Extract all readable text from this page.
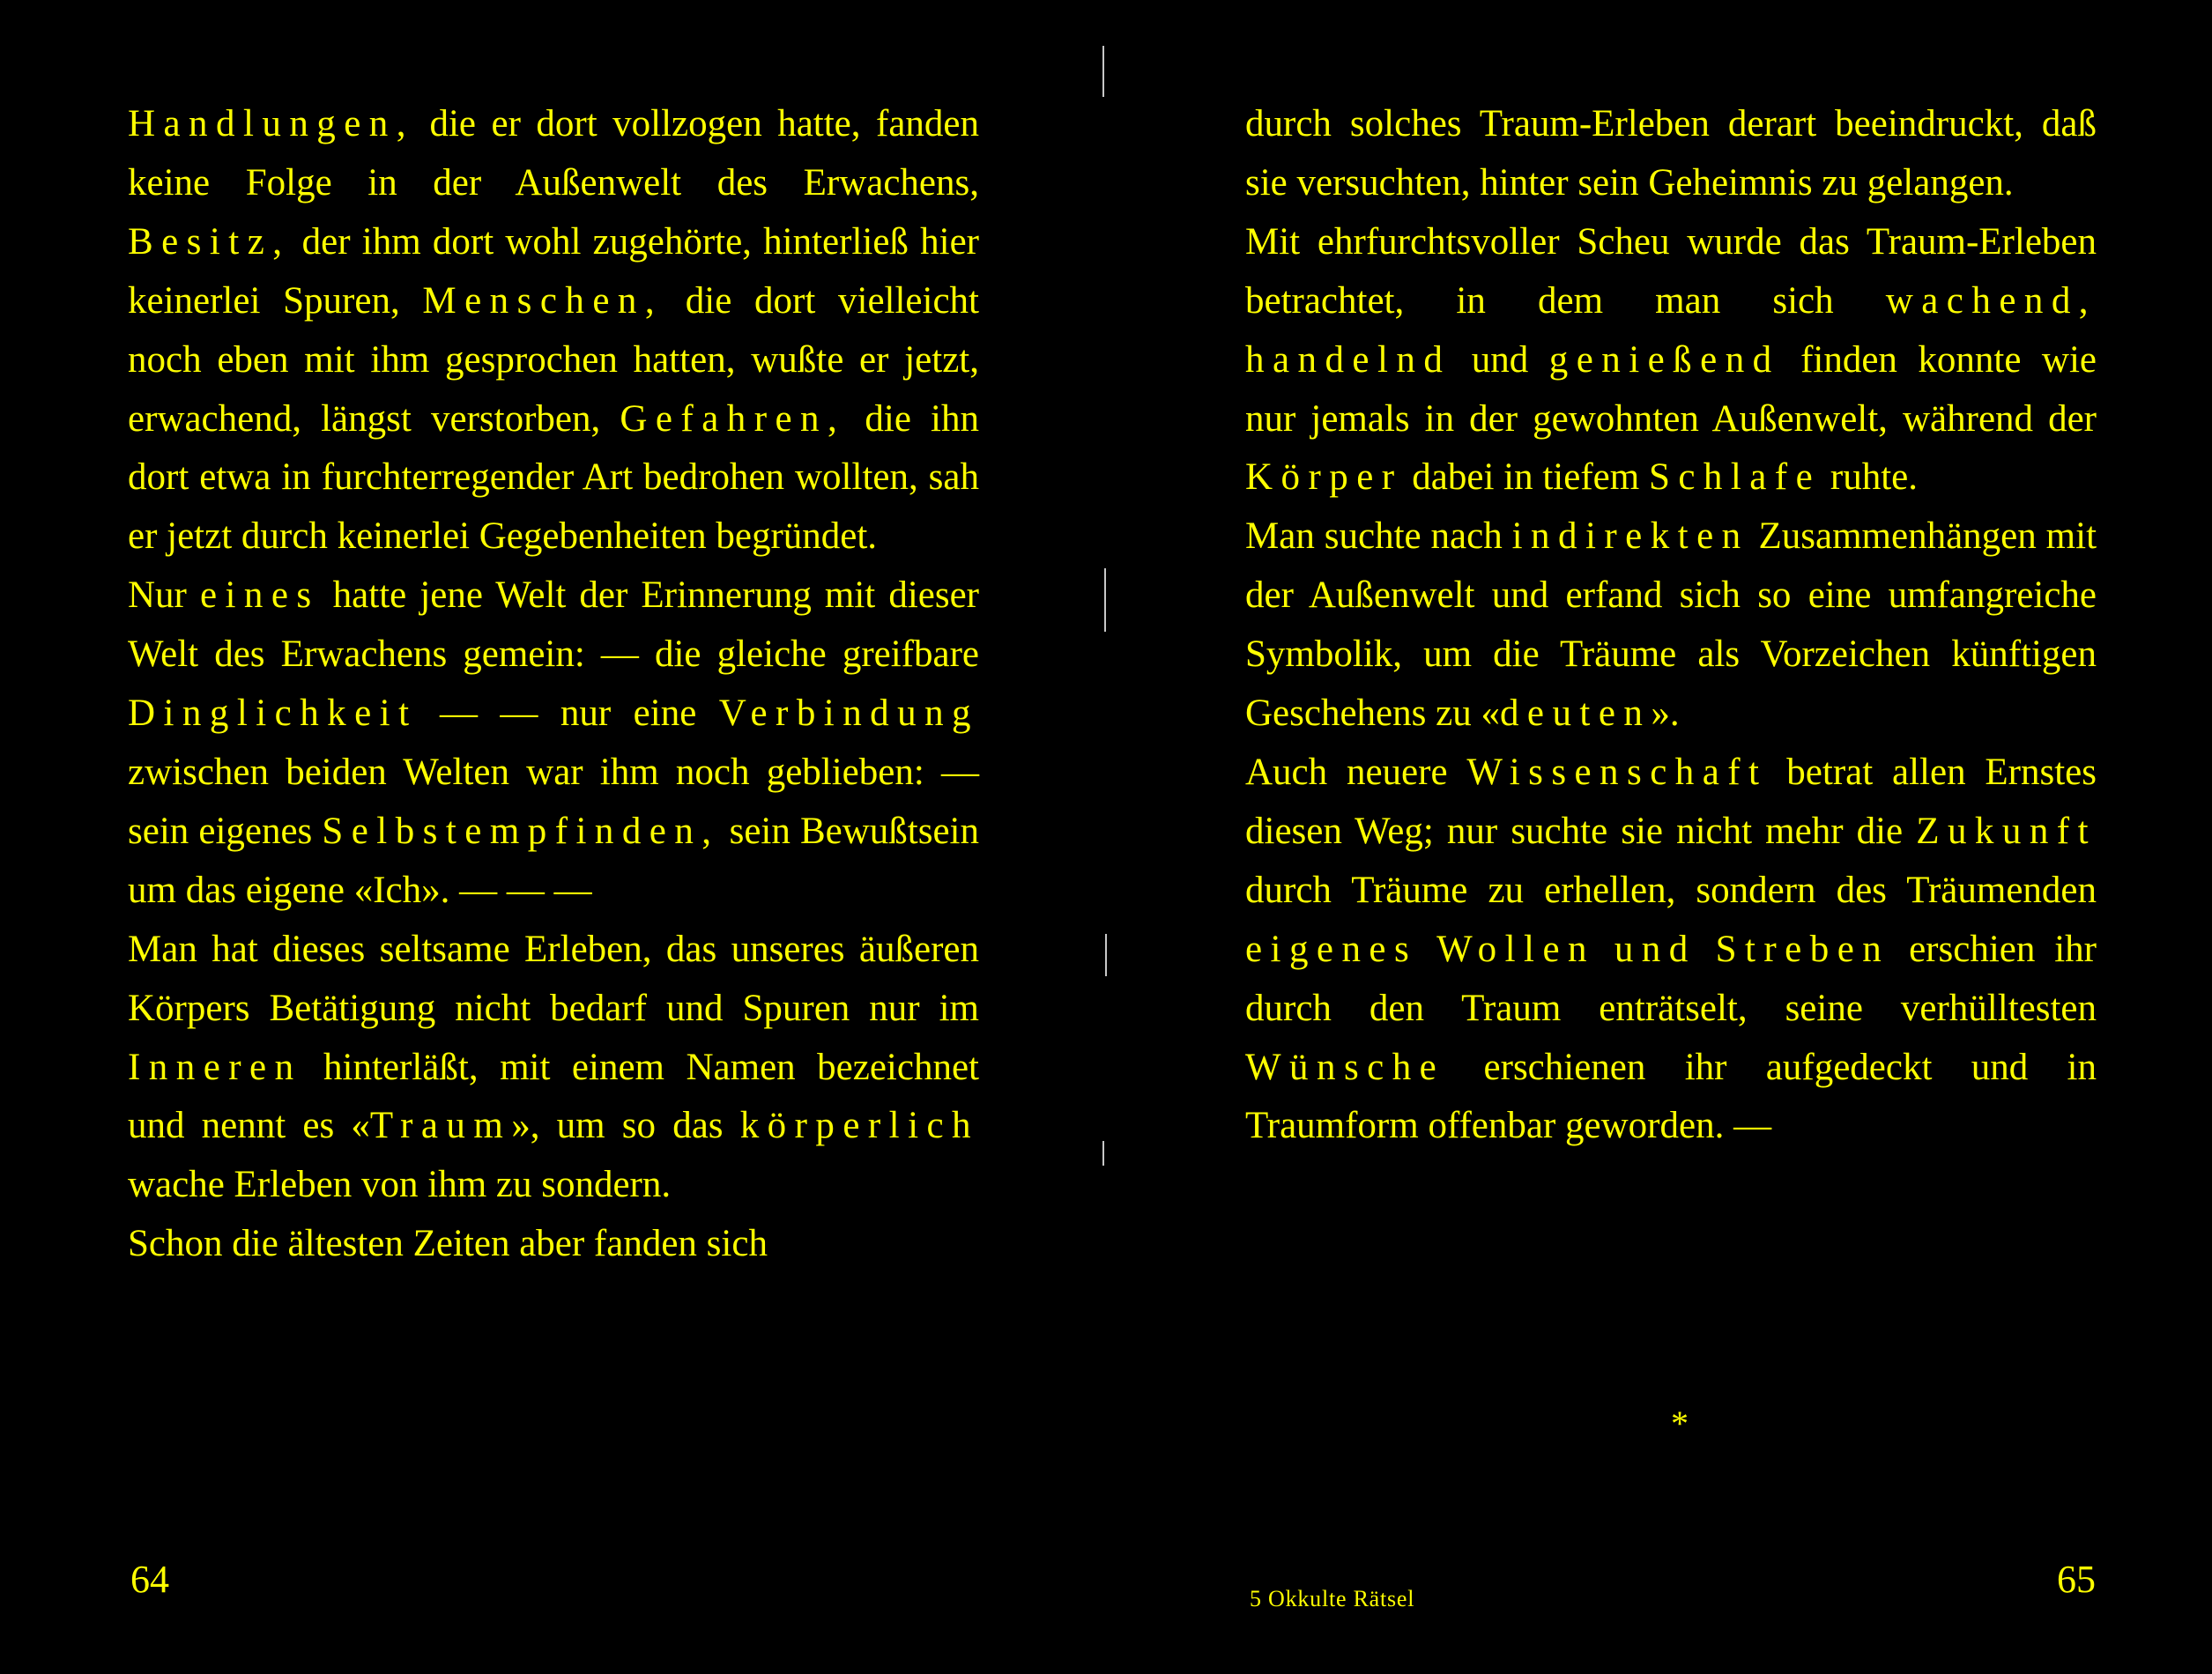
Handlungen, die er dort vollzogen hatte, fanden keine Folge in der Außenwelt des Erwachens, Besitz, der ihm dort wohl zugehörte, hinterließ hier keinerlei Spuren, Menschen, die dort vielleicht noch eben mit ihm gesprochen hatten, wußte er jetzt, erwachend, längst verstorben, Gefahren, die ihn dort etwa in furchterregender Art bedrohen wollten, sah er jetzt durch keinerlei Gegebenheiten begründet.

Nur eines hatte jene Welt der Erinnerung mit dieser Welt des Erwachens gemein: — die gleiche greifbare Dinglichkeit — — nur eine Verbindung zwischen beiden Welten war ihm noch geblieben: — sein eigenes Selbstempfinden, sein Bewußtsein um das eigene «Ich». — — —

Man hat dieses seltsame Erleben, das unseres äußeren Körpers Betätigung nicht bedarf und Spuren nur im Inneren hinterläßt, mit einem Namen bezeichnet und nennt es «Traum», um so das körperlich wache Erleben von ihm zu sondern.

Schon die ältesten Zeiten aber fanden sich

64

durch solches Traum-Erleben derart beeindruckt, daß sie versuchten, hinter sein Geheimnis zu gelangen.

Mit ehrfurchtsvoller Scheu wurde das Traum-Erleben betrachtet, in dem man sich wachend, handelnd und genießend finden konnte wie nur jemals in der gewohnten Außenwelt, während der Körper dabei in tiefem Schlafe ruhte.

Man suchte nach indirekten Zusammenhängen mit der Außenwelt und erfand sich so eine umfangreiche Symbolik, um die Träume als Vorzeichen künftigen Geschehens zu «deuten».

Auch neuere Wissenschaft betrat allen Ernstes diesen Weg; nur suchte sie nicht mehr die Zukunft durch Träume zu erhellen, sondern des Träumenden eigenes Wollen und Streben erschien ihr durch den Traum enträtselt, seine verhülltesten Wünsche erschienen ihr aufgedeckt und in Traumform offenbar geworden. —

65
5 Okkulte Rätsel
*
